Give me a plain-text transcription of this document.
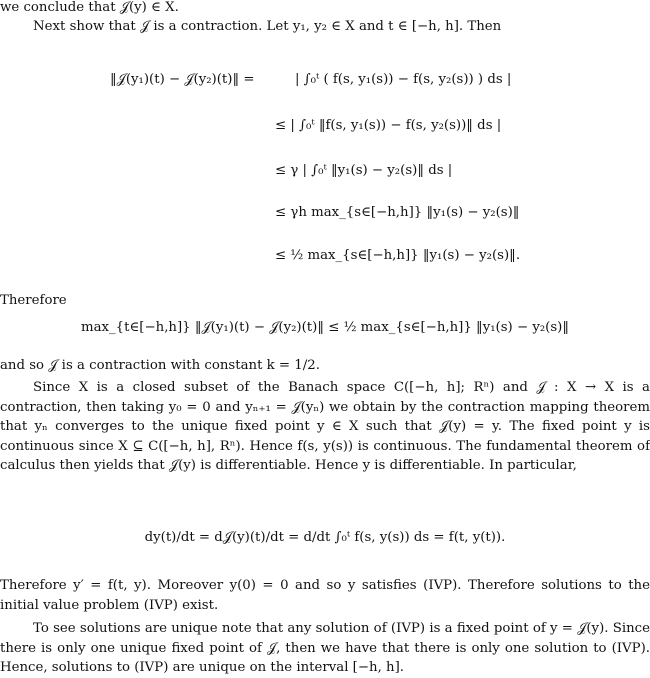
we conclude that 𝒥(y) ∈ X.
Next show that 𝒥 is a contraction. Let y₁, y₂ ∈ X and t ∈ [−h, h]. Then
‖𝒥(y₁)(t) − 𝒥(y₂)(t)‖ =	| ∫₀ᵗ ( f(s, y₁(s)) − f(s, y₂(s)) ) ds |
≤ | ∫₀ᵗ ‖f(s, y₁(s)) − f(s, y₂(s))‖ ds |
≤ γ | ∫₀ᵗ ‖y₁(s) − y₂(s)‖ ds |
≤ γh max_{s∈[−h,h]} ‖y₁(s) − y₂(s)‖
≤ ½ max_{s∈[−h,h]} ‖y₁(s) − y₂(s)‖.
Therefore
max_{t∈[−h,h]} ‖𝒥(y₁)(t) − 𝒥(y₂)(t)‖ ≤ ½ max_{s∈[−h,h]} ‖y₁(s) − y₂(s)‖

and so 𝒥 is a contraction with constant k = 1/2.

Since X is a closed subset of the Banach space C([−h, h]; Rⁿ) and 𝒥 : X → X is a contraction, then taking y₀ = 0 and yₙ₊₁ = 𝒥(yₙ) we obtain by the contraction mapping theorem that yₙ converges to the unique fixed point y ∈ X such that 𝒥(y) = y. The fixed point y is continuous since X ⊆ C([−h, h], Rⁿ). Hence f(s, y(s)) is continuous. The fundamental theorem of calculus then yields that 𝒥(y) is differentiable. Hence y is differentiable. In particular,

dy(t)/dt = d𝒥(y)(t)/dt = d/dt ∫₀ᵗ f(s, y(s)) ds = f(t, y(t)).

Therefore y′ = f(t, y). Moreover y(0) = 0 and so y satisfies (IVP). Therefore solutions to the initial value problem (IVP) exist.

To see solutions are unique note that any solution of (IVP) is a fixed point of y = 𝒥(y). Since there is only one unique fixed point of 𝒥, then we have that there is only one solution to (IVP). Hence, solutions to (IVP) are unique on the interval [−h, h].
